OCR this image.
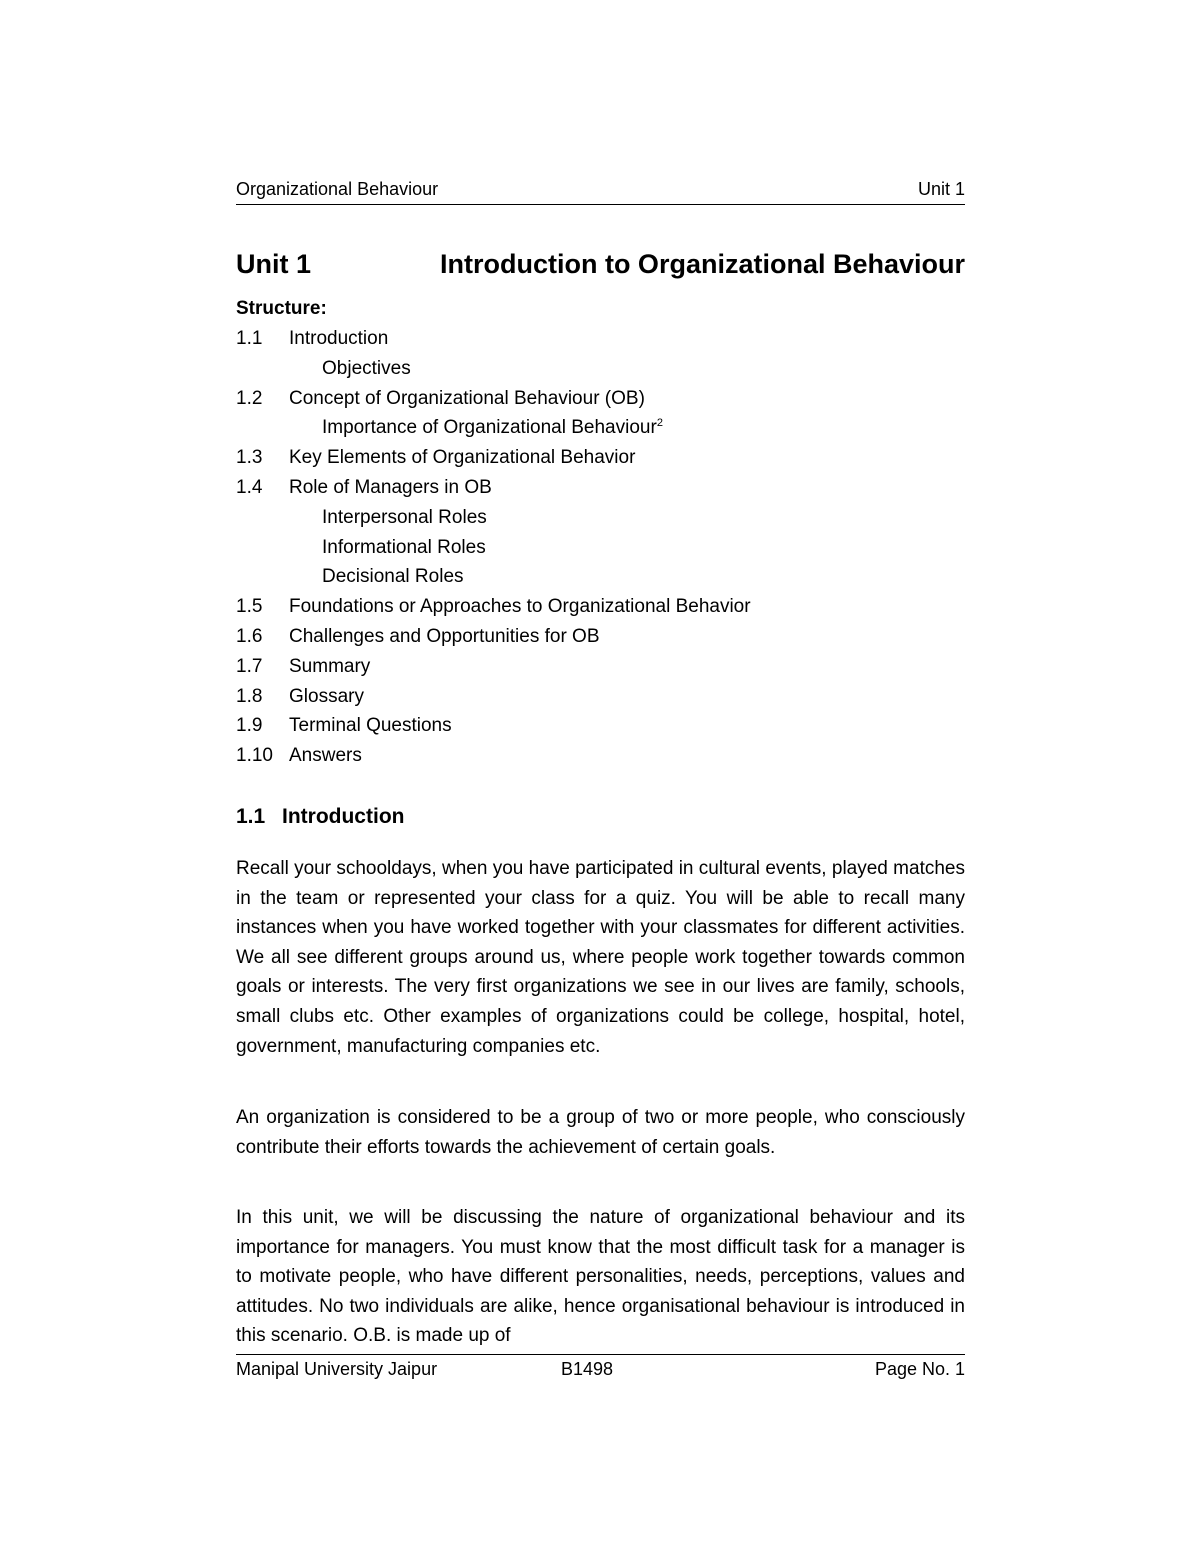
Organizational Behaviour	Unit 1
Unit 1	Introduction to Organizational Behaviour
Structure:
1.1 Introduction
Objectives
1.2 Concept of Organizational Behaviour (OB)
Importance of Organizational Behaviour$^2$
1.3 Key Elements of Organizational Behavior
1.4 Role of Managers in OB
Interpersonal Roles
Informational Roles
Decisional Roles
1.5 Foundations or Approaches to Organizational Behavior
1.6 Challenges and Opportunities for OB
1.7 Summary
1.8 Glossary
1.9 Terminal Questions
1.10 Answers
1.1 Introduction

Recall your schooldays, when you have participated in cultural events, played matches in the team or represented your class for a quiz. You will be able to recall many instances when you have worked together with your classmates for different activities. We all see different groups around us, where people work together towards common goals or interests. The very first organizations we see in our lives are family, schools, small clubs etc. Other examples of organizations could be college, hospital, hotel, government, manufacturing companies etc.

An organization is considered to be a group of two or more people, who consciously contribute their efforts towards the achievement of certain goals.

In this unit, we will be discussing the nature of organizational behaviour and its importance for managers. You must know that the most difficult task for a manager is to motivate people, who have different personalities, needs, perceptions, values and attitudes. No two individuals are alike, hence organisational behaviour is introduced in this scenario. O.B. is made up of

Manipal University Jaipur	B1498	Page No. 1
